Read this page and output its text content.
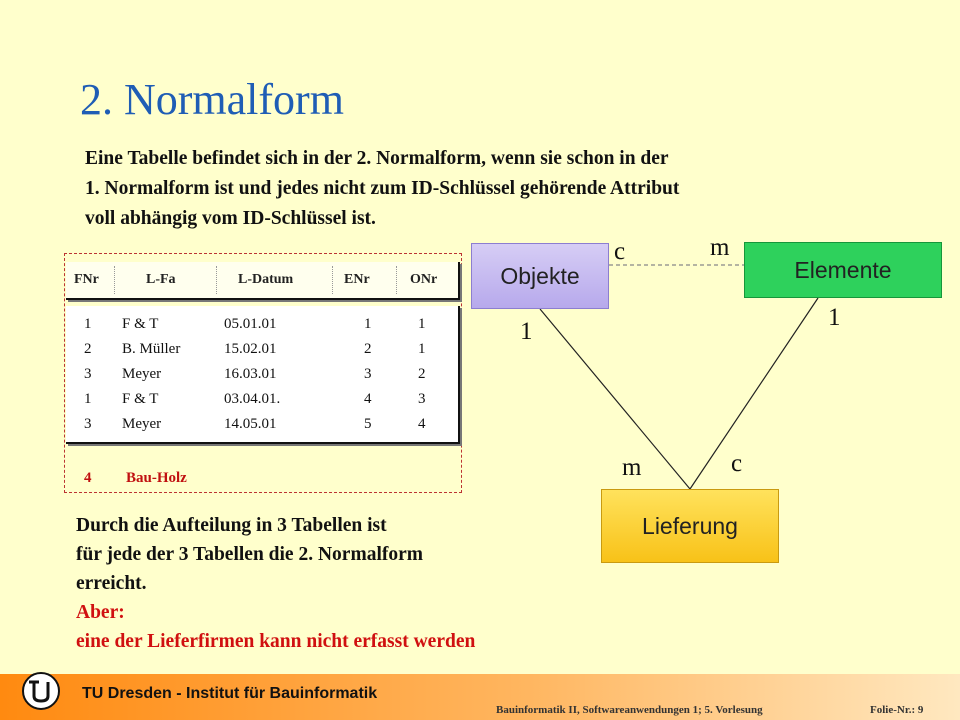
2. Normalform
Eine Tabelle befindet sich in der 2. Normalform, wenn sie schon in der
1. Normalform ist und jedes nicht zum ID-Schlüssel gehörende Attribut
voll abhängig vom ID-Schlüssel ist.
FNr	L-Fa	L-Datum	ENr	ONr
1 F & T	05.01.01	1	1
2 B. Müller	15.02.01	2	1
3 Meyer	16.03.01	3	2
1 F & T	03.04.01.	4	3
3 Meyer	14.05.01	5	4
4 Bau-Holz
Objekte	Elemente
Lieferung
c	m
1
1
m	c
Durch die Aufteilung in 3 Tabellen ist
für jede der 3 Tabellen die 2. Normalform
erreicht.
Aber:
eine der Lieferfirmen kann nicht erfasst werden
TU Dresden - Institut für Bauinformatik
Bauinformatik II, Softwareanwendungen 1; 5. Vorlesung	Folie-Nr.: 9
